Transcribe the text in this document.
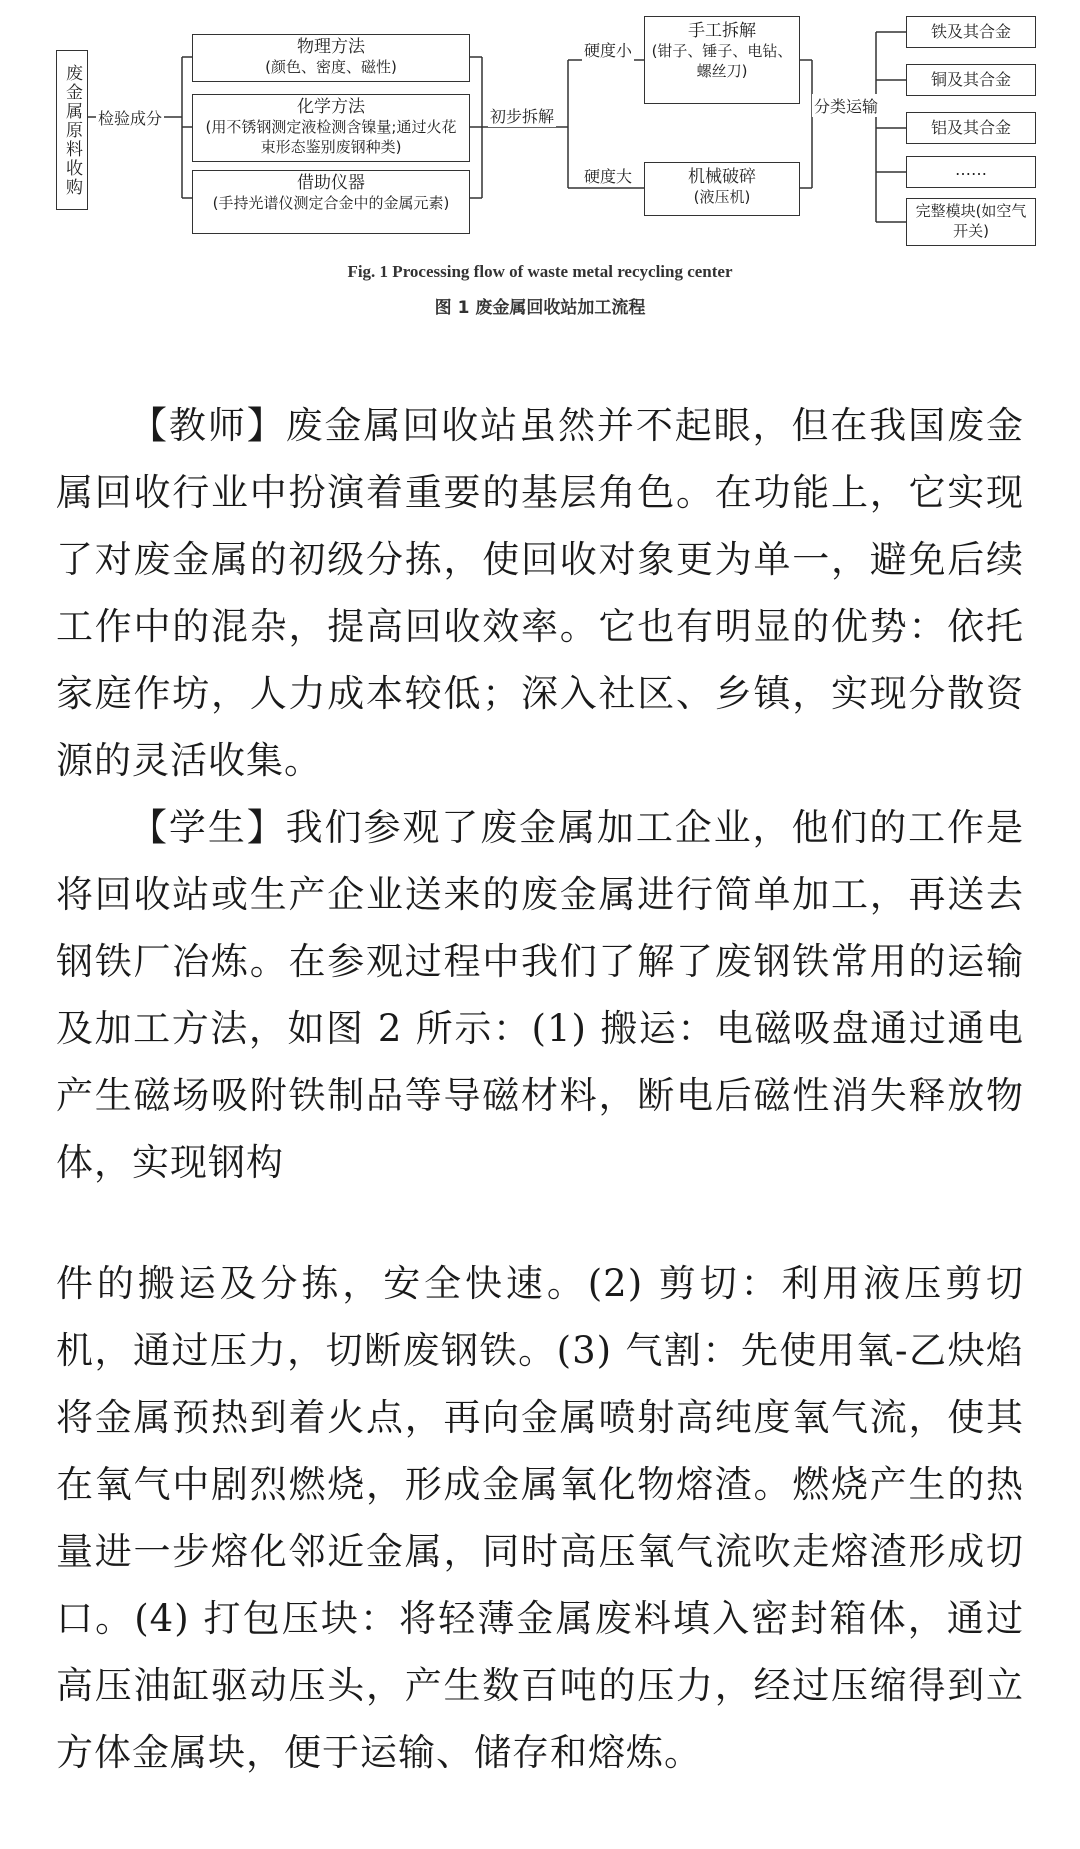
废金属原料收购 检验成分
物理方法
(颜色、密度、磁性)
化学方法
(用不锈钢测定液检测含镍量;通过火花束形态鉴别废钢种类)
借助仪器
(手持光谱仪测定合金中的金属元素)
初步拆解
硬度小
硬度大
手工拆解
(钳子、锤子、电钻、螺丝刀)
机械破碎
(液压机)
分类运输
铁及其合金
铜及其合金
铝及其合金
……
完整模块(如空气开关)
Fig. 1 Processing flow of waste metal recycling center
图 1 废金属回收站加工流程

【教师】废金属回收站虽然并不起眼，但在我国废金属回收行业中扮演着重要的基层角色。在功能上，它实现了对废金属的初级分拣，使回收对象更为单一，避免后续工作中的混杂，提高回收效率。它也有明显的优势：依托家庭作坊，人力成本较低；深入社区、乡镇，实现分散资源的灵活收集。

【学生】我们参观了废金属加工企业，他们的工作是将回收站或生产企业送来的废金属进行简单加工，再送去钢铁厂冶炼。在参观过程中我们了解了废钢铁常用的运输及加工方法，如图 2 所示：(1) 搬运：电磁吸盘通过通电产生磁场吸附铁制品等导磁材料，断电后磁性消失释放物体，实现钢构

件的搬运及分拣，安全快速。(2) 剪切：利用液压剪切机，通过压力，切断废钢铁。(3) 气割：先使用氧-乙炔焰将金属预热到着火点，再向金属喷射高纯度氧气流，使其在氧气中剧烈燃烧，形成金属氧化物熔渣。燃烧产生的热量进一步熔化邻近金属，同时高压氧气流吹走熔渣形成切口。(4) 打包压块：将轻薄金属废料填入密封箱体，通过高压油缸驱动压头，产生数百吨的压力，经过压缩得到立方体金属块，便于运输、储存和熔炼。
